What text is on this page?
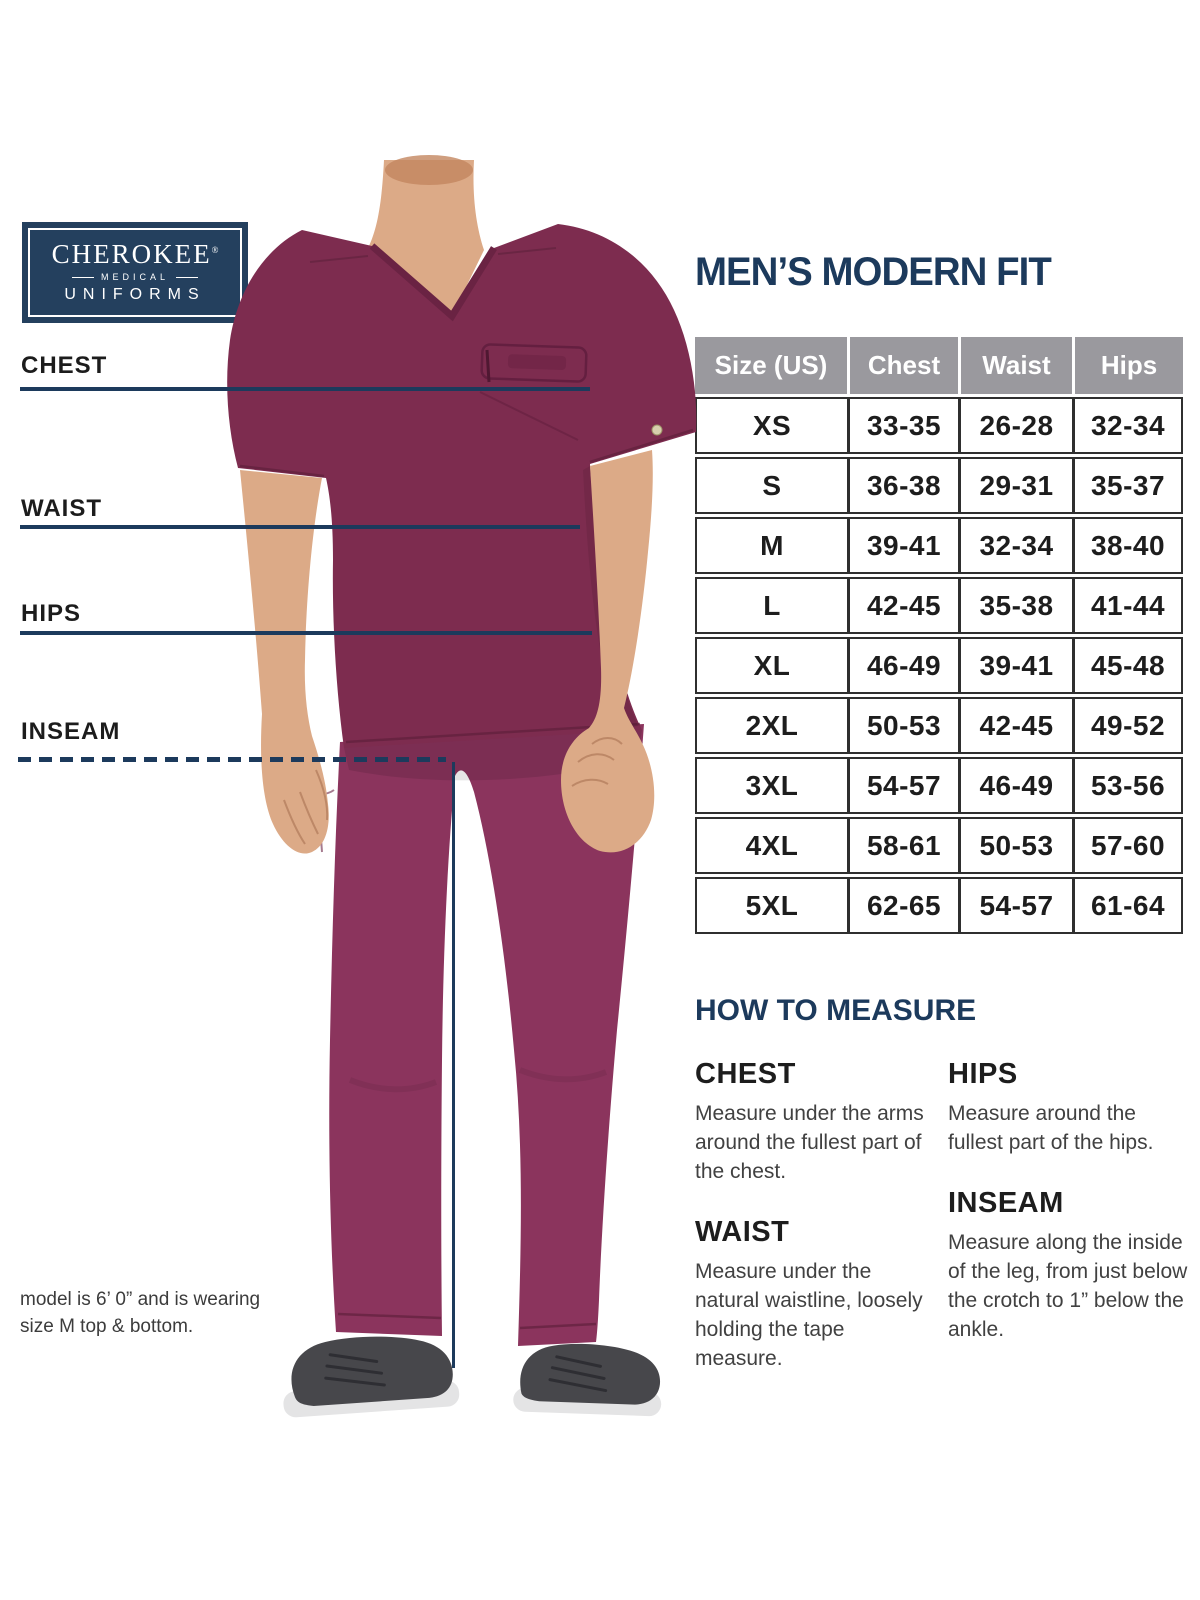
CHEROKEE®
MEDICAL
UNIFORMS
CHEST
WAIST
HIPS
INSEAM
MEN’S MODERN FIT
Size (US)	Chest	Waist	Hips
XS	33-35	26-28	32-34
S	36-38	29-31	35-37
M	39-41	32-34	38-40
L	42-45	35-38	41-44
XL	46-49	39-41	45-48
2XL	50-53	42-45	49-52
3XL	54-57	46-49	53-56
4XL	58-61	50-53	57-60
5XL	62-65	54-57	61-64
HOW TO MEASURE
CHEST

Measure under the arms around the fullest part of the chest.

WAIST

Measure under the natural waistline, loosely holding the tape measure.

HIPS

Measure around the fullest part of the hips.

INSEAM

Measure along the inside of the leg, from just below the crotch to 1” below the ankle.

model is 6’ 0” and is wearing size M top & bottom.
